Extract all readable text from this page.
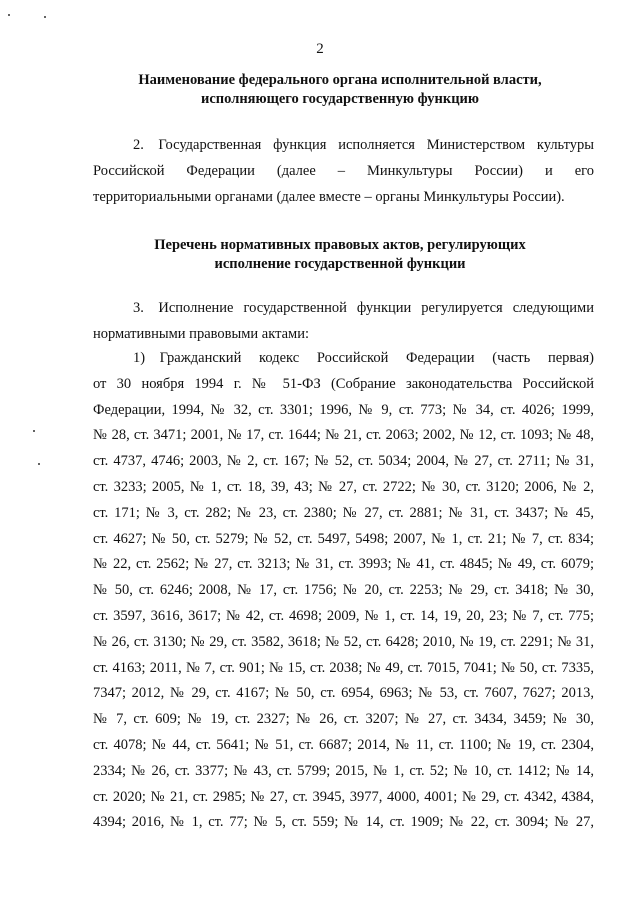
2
Наименование федерального органа исполнительной власти,
исполняющего государственную функцию
2. Государственная функция исполняется Министерством культуры
Российской Федерации (далее – Минкультуры России) и его
территориальными органами (далее вместе – органы Минкультуры России).
Перечень нормативных правовых актов, регулирующих
исполнение государственной функции
3. Исполнение государственной функции регулируется следующими
нормативными правовыми актами:
1) Гражданский кодекс Российской Федерации (часть первая)
от 30 ноября 1994 г. № 51-ФЗ (Собрание законодательства Российской
Федерации, 1994, № 32, ст. 3301; 1996, № 9, ст. 773; № 34, ст. 4026; 1999,
№ 28, ст. 3471; 2001, № 17, ст. 1644; № 21, ст. 2063; 2002, № 12, ст. 1093; № 48,
ст. 4737, 4746; 2003, № 2, ст. 167; № 52, ст. 5034; 2004, № 27, ст. 2711; № 31,
ст. 3233; 2005, № 1, ст. 18, 39, 43; № 27, ст. 2722; № 30, ст. 3120; 2006, № 2,
ст. 171; № 3, ст. 282; № 23, ст. 2380; № 27, ст. 2881; № 31, ст. 3437; № 45,
ст. 4627; № 50, ст. 5279; № 52, ст. 5497, 5498; 2007, № 1, ст. 21; № 7, ст. 834;
№ 22, ст. 2562; № 27, ст. 3213; № 31, ст. 3993; № 41, ст. 4845; № 49, ст. 6079;
№ 50, ст. 6246; 2008, № 17, ст. 1756; № 20, ст. 2253; № 29, ст. 3418; № 30,
ст. 3597, 3616, 3617; № 42, ст. 4698; 2009, № 1, ст. 14, 19, 20, 23; № 7, ст. 775;
№ 26, ст. 3130; № 29, ст. 3582, 3618; № 52, ст. 6428; 2010, № 19, ст. 2291; № 31,
ст. 4163; 2011, № 7, ст. 901; № 15, ст. 2038; № 49, ст. 7015, 7041; № 50, ст. 7335,
7347; 2012, № 29, ст. 4167; № 50, ст. 6954, 6963; № 53, ст. 7607, 7627; 2013,
№ 7, ст. 609; № 19, ст. 2327; № 26, ст. 3207; № 27, ст. 3434, 3459; № 30,
ст. 4078; № 44, ст. 5641; № 51, ст. 6687; 2014, № 11, ст. 1100; № 19, ст. 2304,
2334; № 26, ст. 3377; № 43, ст. 5799; 2015, № 1, ст. 52; № 10, ст. 1412; № 14,
ст. 2020; № 21, ст. 2985; № 27, ст. 3945, 3977, 4000, 4001; № 29, ст. 4342, 4384,
4394; 2016, № 1, ст. 77; № 5, ст. 559; № 14, ст. 1909; № 22, ст. 3094; № 27,
